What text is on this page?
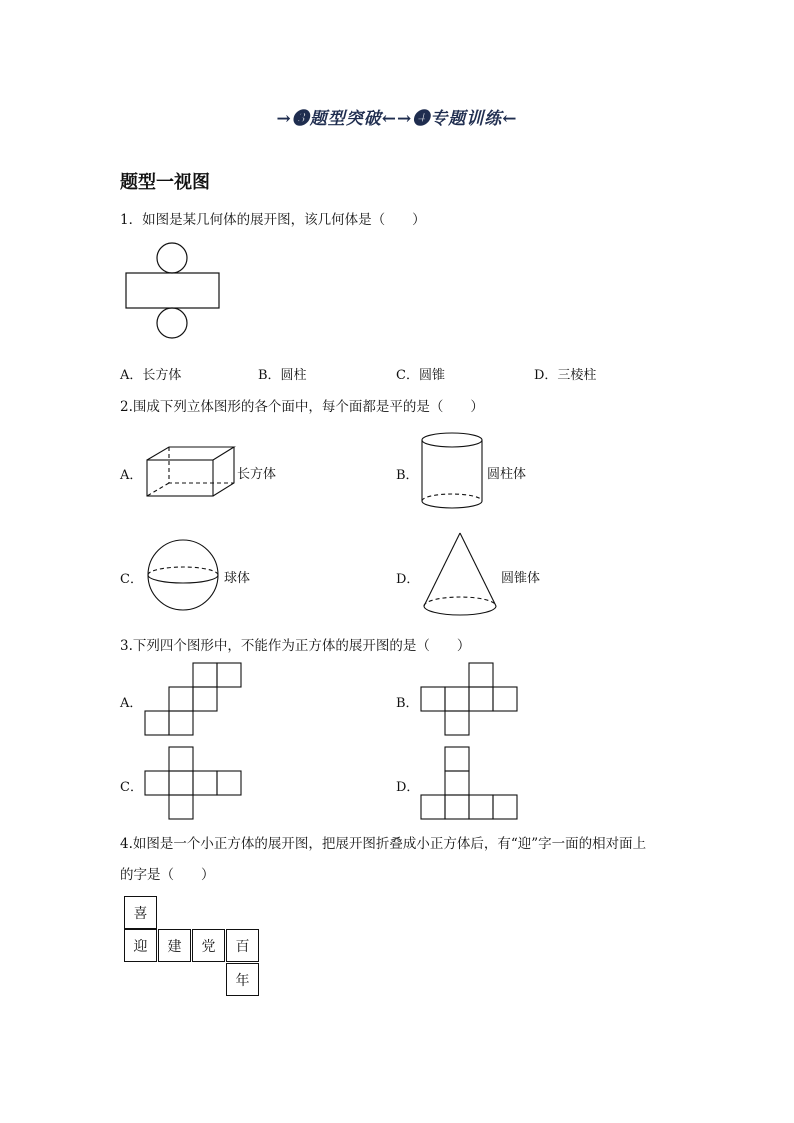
→❸题型突破←→❹专题训练←
题型一视图
1．如图是某几何体的展开图，该几何体是（　　）
A．长方体	B．圆柱	C．圆锥	D．三棱柱
2.围成下列立体图形的各个面中，每个面都是平的是（　　）
A．	长方体	B．	圆柱体
C．	球体	D．	圆锥体
3.下列四个图形中，不能作为正方体的展开图的是（　　）
A．	B．
C．	D．
4.如图是一个小正方体的展开图，把展开图折叠成小正方体后，有“迎”字一面的相对面上
的字是（　　）
喜
迎	建	党	百
年
